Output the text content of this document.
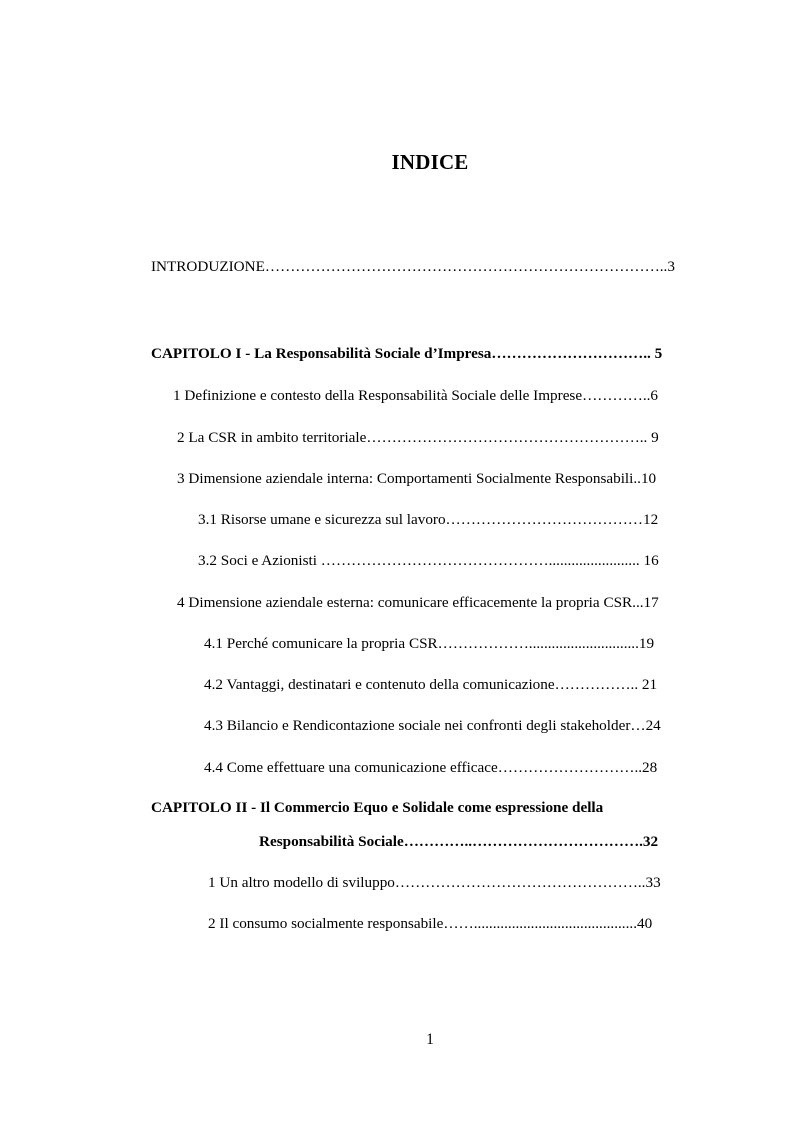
INDICE
INTRODUZIONE……………………………………………………………………..3
CAPITOLO I - La Responsabilità Sociale d’Impresa………………………….. 5
1 Definizione e contesto della Responsabilità Sociale delle Imprese…………..6
2 La CSR in ambito territoriale……………………………………………….. 9
3 Dimensione aziendale interna: Comportamenti Socialmente Responsabili..10
3.1 Risorse umane e sicurezza sul lavoro…………………………………12
3.2 Soci e Azionisti ………………………………………........................ 16
4 Dimensione aziendale esterna: comunicare efficacemente la propria CSR...17
4.1 Perché comunicare la propria CSR……………….............................19
4.2 Vantaggi, destinatari e contenuto della comunicazione…………….. 21
4.3 Bilancio e Rendicontazione sociale nei confronti degli stakeholder…24
4.4 Come effettuare una comunicazione efficace………………………..28
CAPITOLO II - Il Commercio Equo e Solidale come espressione della
Responsabilità Sociale…………..…………………………….32
1 Un altro modello di sviluppo…………………………………………..33
2 Il consumo socialmente responsabile……...........................................40
1
